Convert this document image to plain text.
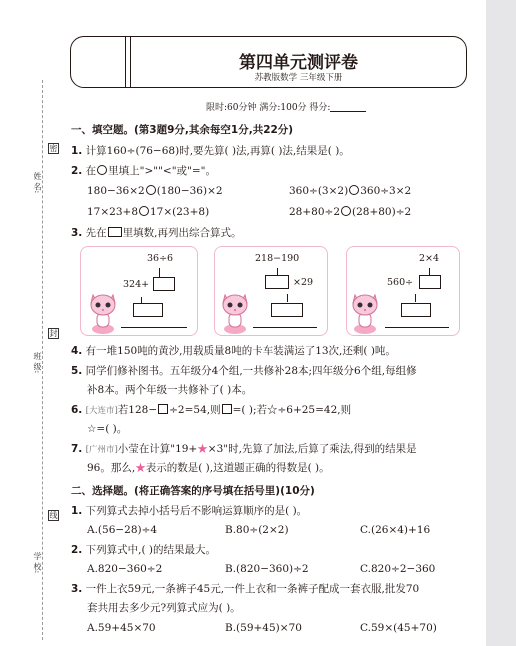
密
封
线
姓 名:
班 级:
学 校:
第四单元测评卷
苏教版数学 三年级下册
限时:60分钟 满分:100分 得分:
一、填空题。(第3题9分,其余每空1分,共22分)
1. 计算160÷(76−68)时,要先算( )法,再算( )法,结果是( )。
2. 在 里填上">""<"或"="。
180−36×2 (180−36)×2	360÷(3×2) 360÷3×2
17×23+8 17×(23+8)	28+80÷2 (28+80)÷2
3. 先在 里填数,再列出综合算式。
36÷6
324+
218−190
×29
2×4
560÷
4. 有一堆150吨的黄沙,用载质量8吨的卡车装满运了13次,还剩( )吨。
5. 同学们修补图书。五年级分4个组,一共修补28本;四年级分6个组,每组修
补8本。两个年级一共修补了( )本。
6. [大连市]若128− ÷2=54,则 =( );若☆÷6+25=42,则
☆=( )。
7. [广州市]小莹在计算"19+★×3"时,先算了加法,后算了乘法,得到的结果是
96。那么,★表示的数是( ),这道题正确的得数是( )。
二、选择题。(将正确答案的序号填在括号里)(10分)
1. 下列算式去掉小括号后不影响运算顺序的是( )。
A.(56−28)÷4	B.80÷(2×2)	C.(26×4)+16
2. 下列算式中,( )的结果最大。
A.820−360÷2	B.(820−360)÷2	C.820÷2−360
3. 一件上衣59元,一条裤子45元,一件上衣和一条裤子配成一套衣服,批发70
套共用去多少元?列算式应为( )。
A.59+45×70	B.(59+45)×70	C.59×(45+70)
